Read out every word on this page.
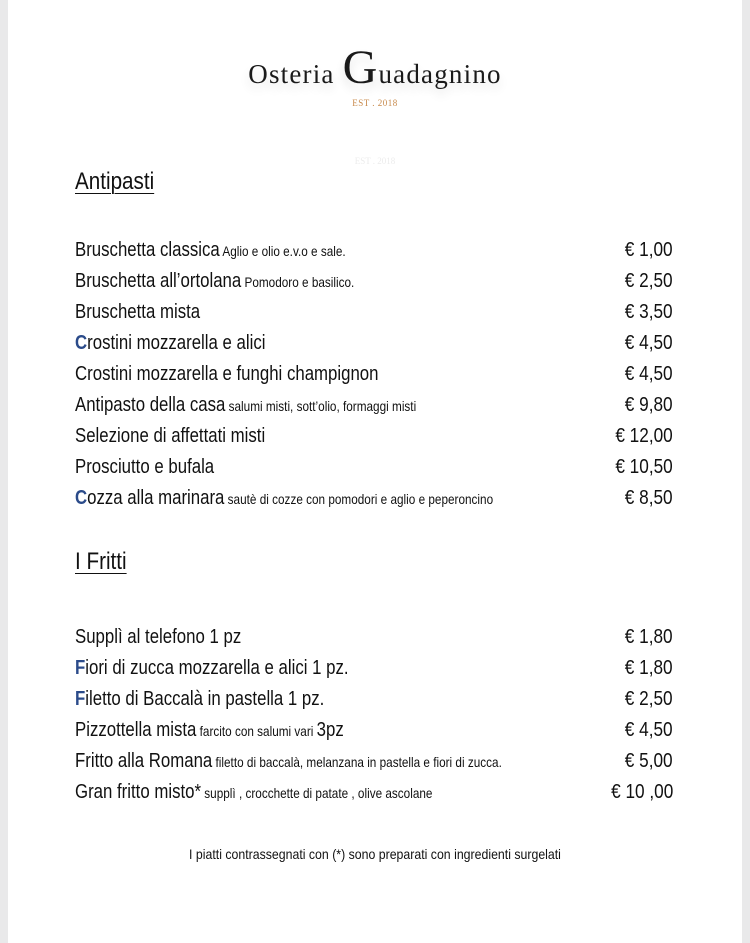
Osteria Guadagnino
EST . 2018
EST . 2018
Antipasti
Bruschetta classica Aglio e olio e.v.o e sale.	€ 1,00
Bruschetta all’ortolana Pomodoro e basilico.	€ 2,50
Bruschetta mista	€ 3,50
Crostini mozzarella e alici	€ 4,50
Crostini mozzarella e funghi champignon	€ 4,50
Antipasto della casa salumi misti, sott’olio, formaggi misti	€ 9,80
Selezione di affettati misti	€ 12,00
Prosciutto e bufala	€ 10,50
Cozza alla marinara sautè di cozze con pomodori e aglio e peperoncino	€ 8,50
I Fritti
Supplì al telefono 1 pz	€ 1,80
Fiori di zucca mozzarella e alici 1 pz.	€ 1,80
Filetto di Baccalà in pastella 1 pz.	€ 2,50
Pizzottella mista farcito con salumi vari 3pz	€ 4,50
Fritto alla Romana filetto di baccalà, melanzana in pastella e fiori di zucca.	€ 5,00
Gran fritto misto* supplì , crocchette di patate , olive ascolane	€ 10 ,00
I piatti contrassegnati con (*) sono preparati con ingredienti surgelati
